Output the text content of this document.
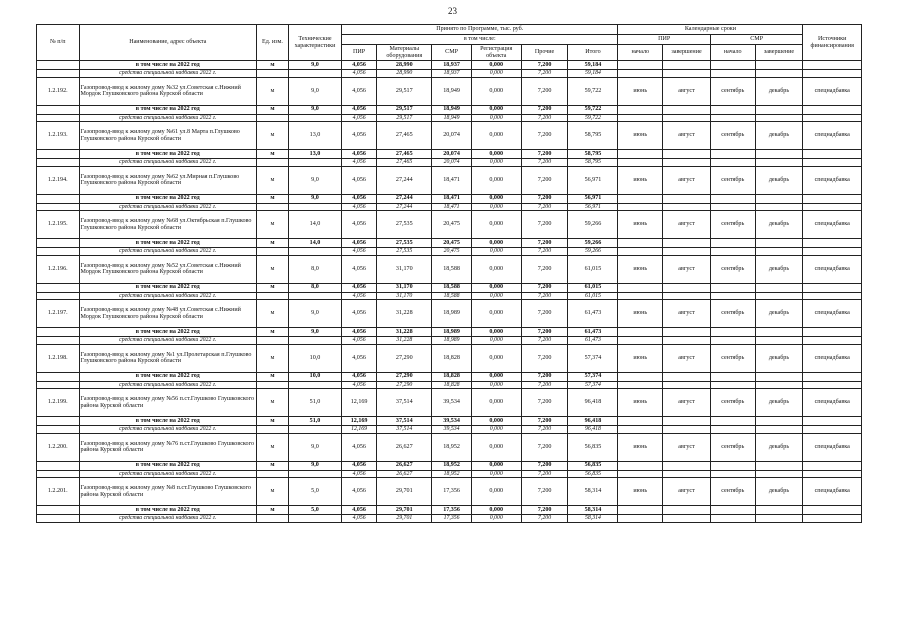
23
№ п/п	Наименование, адрес объекта	Ед. изм.	Технические характеристики	Принято по Программе, тыс. руб.						Календарные сроки				Источники финансирования
				в том числе:						ПИР		СМР		
				ПИР	Материалы оборудования	СМР	Регистрация объекта	Прочие	Итого	начало	завершение	начало	завершение	
	в том числе на 2022 год	м	9,0	4,056	28,990	18,937	0,000	7,200	59,184					
	средства специальной надбавки 2022 г.			4,056	28,990	18,937	0,000	7,200	59,184					
1.2.192.	Газопровод-ввод к жилому дому №32 ул.Советская с.Нижний Мордок Глушковского района Курской области	м	9,0	4,056	29,517	18,949	0,000	7,200	59,722	июнь	август	сентябрь	декабрь	спецнадбавка
	в том числе на 2022 год	м	9,0	4,056	29,517	18,949	0,000	7,200	59,722					
	средства специальной надбавки 2022 г.			4,056	29,517	18,949	0,000	7,200	59,722					
1.2.193.	Газопровод-ввод к жилому дому №61 ул.8 Марта п.Глушково Глушковского района Курской области	м	13,0	4,056	27,465	20,074	0,000	7,200	58,795	июнь	август	сентябрь	декабрь	спецнадбавка
	в том числе на 2022 год	м	13,0	4,056	27,465	20,074	0,000	7,200	58,795					
	средства специальной надбавки 2022 г.			4,056	27,465	20,074	0,000	7,200	58,795					
1.2.194.	Газопровод-ввод к жилому дому №62 ул.Мирная п.Глушково Глушковского района Курской области	м	9,0	4,056	27,244	18,471	0,000	7,200	56,971	июнь	август	сентябрь	декабрь	спецнадбавка
	в том числе на 2022 год	м	9,0	4,056	27,244	18,471	0,000	7,200	56,971					
	средства специальной надбавки 2022 г.			4,056	27,244	18,471	0,000	7,200	56,971					
1.2.195.	Газопровод-ввод к жилому дому №68 ул.Октябрьская п.Глушково Глушковского района Курской области	м	14,0	4,056	27,535	20,475	0,000	7,200	59,266	июнь	август	сентябрь	декабрь	спецнадбавка
	в том числе на 2022 год	м	14,0	4,056	27,535	20,475	0,000	7,200	59,266					
	средства специальной надбавки 2022 г.			4,056	27,535	20,475	0,000	7,200	59,266					
1.2.196.	Газопровод-ввод к жилому дому №52 ул.Советская с.Нижний Мордок Глушковского района Курской области	м	8,0	4,056	31,170	18,588	0,000	7,200	61,015	июнь	август	сентябрь	декабрь	спецнадбавка
	в том числе на 2022 год	м	8,0	4,056	31,170	18,588	0,000	7,200	61,015					
	средства специальной надбавки 2022 г.			4,056	31,170	18,588	0,000	7,200	61,015					
1.2.197.	Газопровод-ввод к жилому дому №48 ул.Советская с.Нижний Мордок Глушковского района Курской области	м	9,0	4,056	31,228	18,989	0,000	7,200	61,473	июнь	август	сентябрь	декабрь	спецнадбавка
	в том числе на 2022 год	м	9,0	4,056	31,228	18,989	0,000	7,200	61,473					
	средства специальной надбавки 2022 г.			4,056	31,228	18,989	0,000	7,200	61,473					
1.2.198.	Газопровод-ввод к жилому дому №1 ул.Пролетарская п.Глушково Глушковского района Курской области	м	10,0	4,056	27,290	18,828	0,000	7,200	57,374	июнь	август	сентябрь	декабрь	спецнадбавка
	в том числе на 2022 год	м	10,0	4,056	27,290	18,828	0,000	7,200	57,374					
	средства специальной надбавки 2022 г.			4,056	27,290	18,828	0,000	7,200	57,374					
1.2.199.	Газопровод-ввод к жилому дому №56 п.ст.Глушково Глушковского района Курской области	м	51,0	12,169	37,514	39,534	0,000	7,200	96,418	июнь	август	сентябрь	декабрь	спецнадбавка
	в том числе на 2022 год	м	51,0	12,169	37,514	39,534	0,000	7,200	96,418					
	средства специальной надбавки 2022 г.			12,169	37,514	39,534	0,000	7,200	96,418					
1.2.200.	Газопровод-ввод к жилому дому №76 п.ст.Глушково Глушковского района Курской области	м	9,0	4,056	26,627	18,952	0,000	7,200	56,835	июнь	август	сентябрь	декабрь	спецнадбавка
	в том числе на 2022 год	м	9,0	4,056	26,627	18,952	0,000	7,200	56,835					
	средства специальной надбавки 2022 г.			4,056	26,627	18,952	0,000	7,200	56,835					
1.2.201.	Газопровод-ввод к жилому дому №8 п.ст.Глушково Глушковского района Курской области	м	5,0	4,056	29,701	17,356	0,000	7,200	58,314	июнь	август	сентябрь	декабрь	спецнадбавка
	в том числе на 2022 год	м	5,0	4,056	29,701	17,356	0,000	7,200	58,314					
	средства специальной надбавки 2022 г.			4,056	29,701	17,356	0,000	7,200	58,314					
